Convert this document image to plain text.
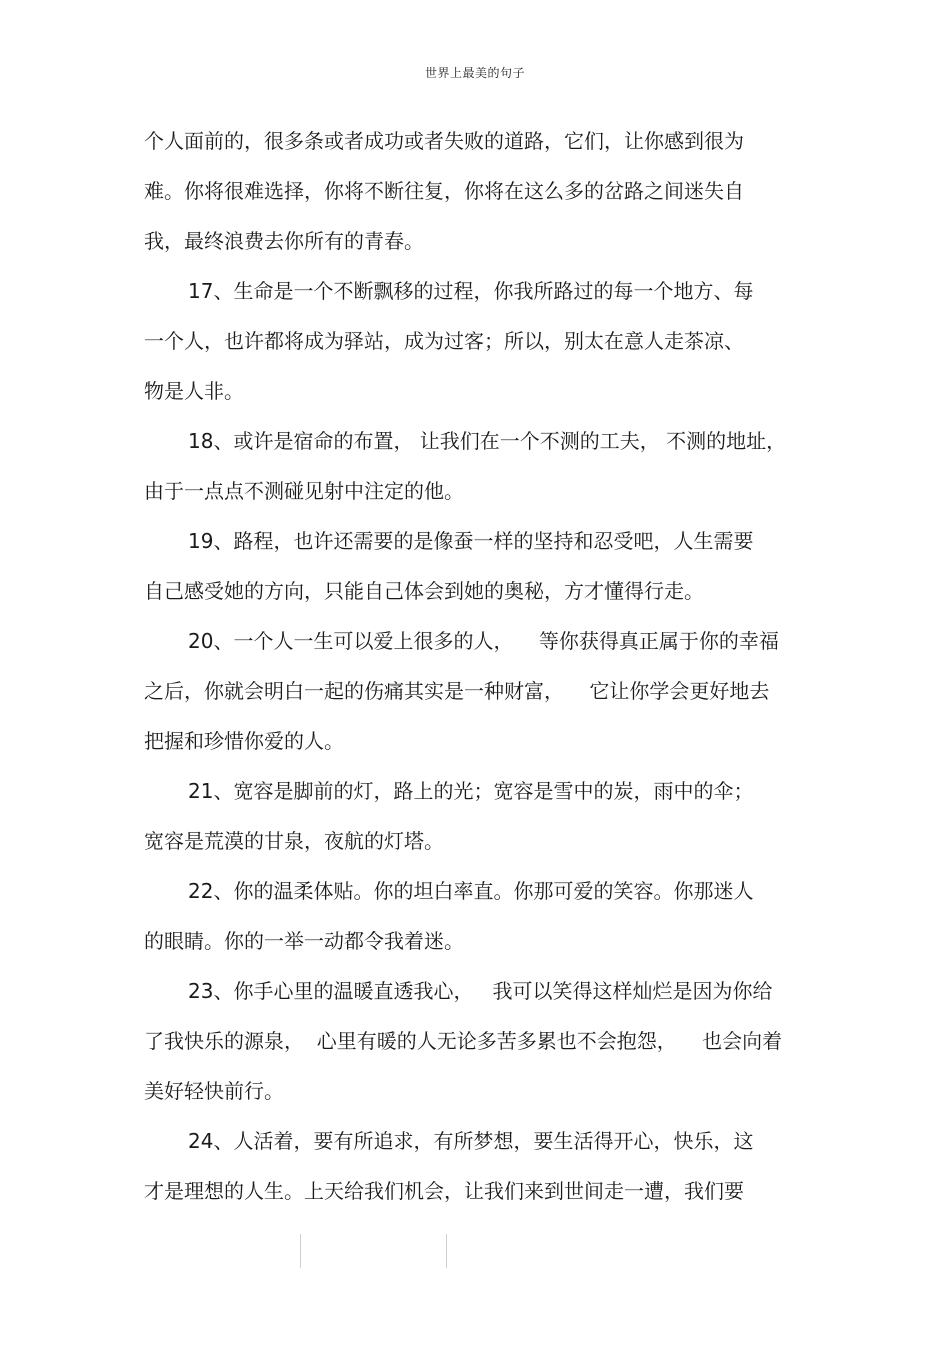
世界上最美的句子
个人面前的，很多条或者成功或者失败的道路，它们，让你感到很为
难。你将很难选择，你将不断往复，你将在这么多的岔路之间迷失自
我，最终浪费去你所有的青春。
17、生命是一个不断飘移的过程，你我所路过的每一个地方、每
一个人，也许都将成为驿站，成为过客；所以，别太在意人走茶凉、
物是人非。
18、或许是宿命的布置， 让我们在一个不测的工夫， 不测的地址，
由于一点点不测碰见射中注定的他。
19、路程，也许还需要的是像蚕一样的坚持和忍受吧，人生需要
自己感受她的方向，只能自己体会到她的奥秘，方才懂得行走。
20、一个人一生可以爱上很多的人，    等你获得真正属于你的幸福
之后，你就会明白一起的伤痛其实是一种财富，    它让你学会更好地去
把握和珍惜你爱的人。
21、宽容是脚前的灯，路上的光；宽容是雪中的炭，雨中的伞；
宽容是荒漠的甘泉，夜航的灯塔。
22、你的温柔体贴。你的坦白率直。你那可爱的笑容。你那迷人
的眼睛。你的一举一动都令我着迷。
23、你手心里的温暖直透我心，   我可以笑得这样灿烂是因为你给
了我快乐的源泉，  心里有暖的人无论多苦多累也不会抱怨，    也会向着
美好轻快前行。
24、人活着，要有所追求，有所梦想，要生活得开心，快乐，这
才是理想的人生。上天给我们机会，让我们来到世间走一遭，我们要
